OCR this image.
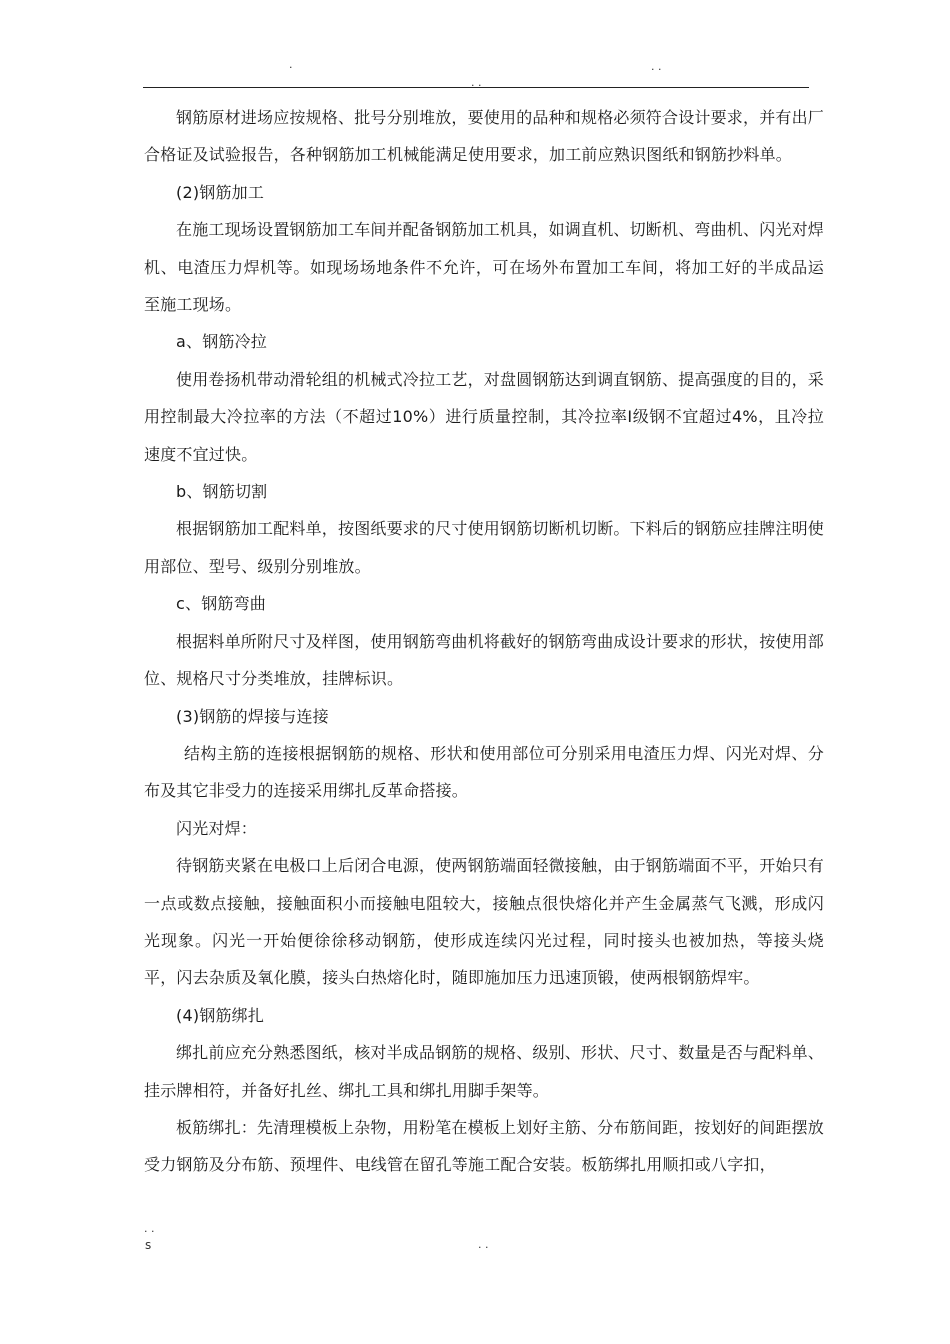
.
. .
. .

钢筋原材进场应按规格、批号分别堆放，要使用的品种和规格必须符合设计要求，并有出厂合格证及试验报告，各种钢筋加工机械能满足使用要求，加工前应熟识图纸和钢筋抄料单。

(2)钢筋加工

在施工现场设置钢筋加工车间并配备钢筋加工机具，如调直机、切断机、弯曲机、闪光对焊机、电渣压力焊机等。如现场场地条件不允许，可在场外布置加工车间，将加工好的半成品运至施工现场。

a、钢筋冷拉

使用卷扬机带动滑轮组的机械式冷拉工艺，对盘圆钢筋达到调直钢筋、提高强度的目的，采用控制最大冷拉率的方法（不超过10%）进行质量控制，其冷拉率Ⅰ级钢不宜超过4%，且冷拉速度不宜过快。

b、钢筋切割

根据钢筋加工配料单，按图纸要求的尺寸使用钢筋切断机切断。下料后的钢筋应挂牌注明使用部位、型号、级别分别堆放。

c、钢筋弯曲

根据料单所附尺寸及样图，使用钢筋弯曲机将截好的钢筋弯曲成设计要求的形状，按使用部位、规格尺寸分类堆放，挂牌标识。

(3)钢筋的焊接与连接

结构主筋的连接根据钢筋的规格、形状和使用部位可分别采用电渣压力焊、闪光对焊、分布及其它非受力的连接采用绑扎反革命搭接。

闪光对焊：

待钢筋夹紧在电极口上后闭合电源，使两钢筋端面轻微接触，由于钢筋端面不平，开始只有一点或数点接触，接触面积小而接触电阻较大，接触点很快熔化并产生金属蒸气飞溅，形成闪光现象。闪光一开始便徐徐移动钢筋，使形成连续闪光过程，同时接头也被加热，等接头烧平，闪去杂质及氧化膜，接头白热熔化时，随即施加压力迅速顶锻，使两根钢筋焊牢。

(4)钢筋绑扎

绑扎前应充分熟悉图纸，核对半成品钢筋的规格、级别、形状、尺寸、数量是否与配料单、挂示牌相符，并备好扎丝、绑扎工具和绑扎用脚手架等。

板筋绑扎：先清理模板上杂物，用粉笔在模板上划好主筋、分布筋间距，按划好的间距摆放受力钢筋及分布筋、预埋件、电线管在留孔等施工配合安装。板筋绑扎用顺扣或八字扣，

. .
s	. .
